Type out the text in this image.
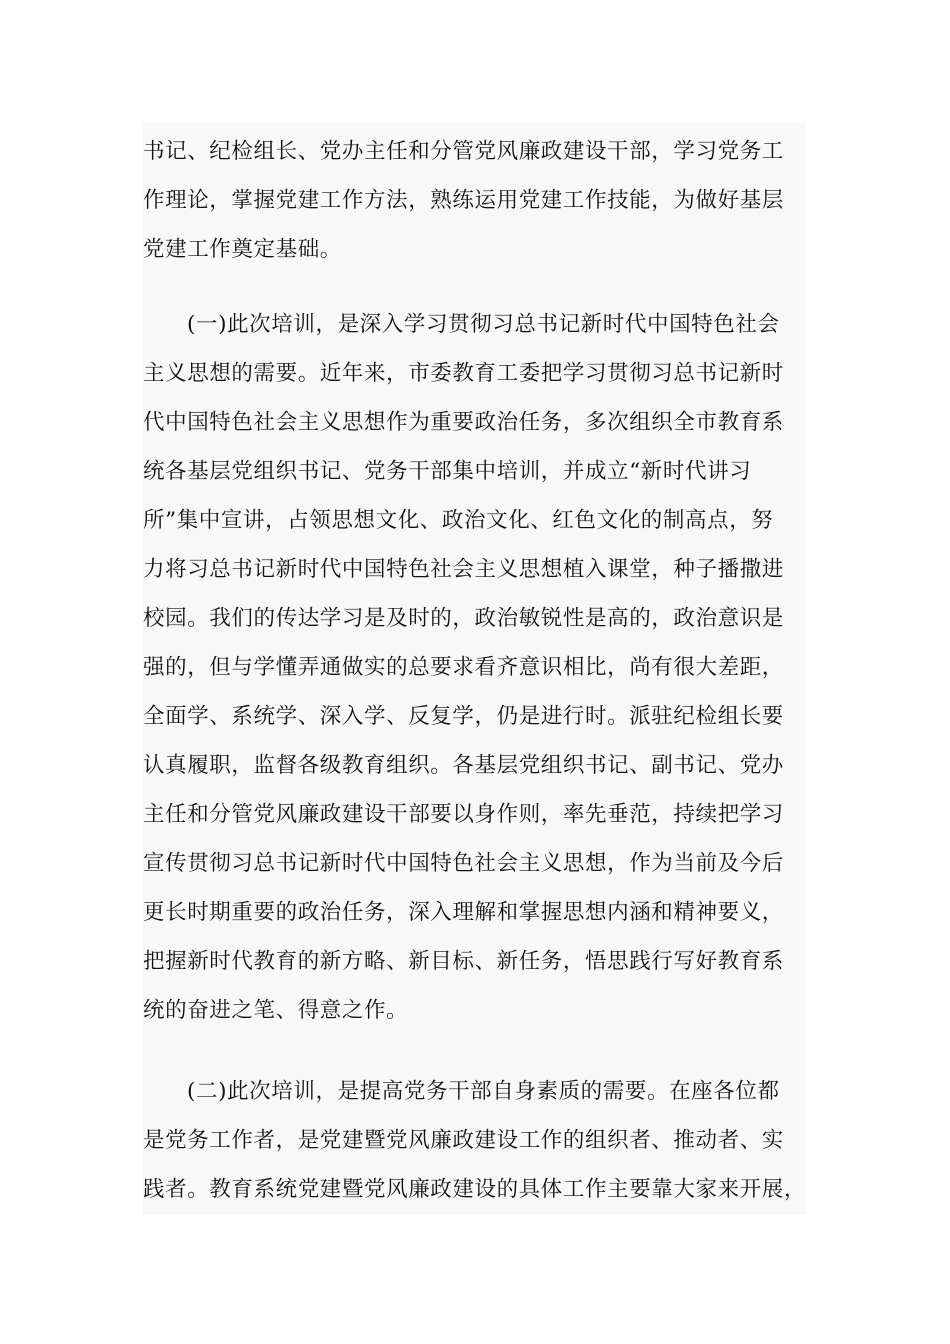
书记、纪检组长、党办主任和分管党风廉政建设干部，学习党务工
作理论，掌握党建工作方法，熟练运用党建工作技能，为做好基层
党建工作奠定基础。
(一)此次培训，是深入学习贯彻习总书记新时代中国特色社会
主义思想的需要。近年来，市委教育工委把学习贯彻习总书记新时
代中国特色社会主义思想作为重要政治任务，多次组织全市教育系
统各基层党组织书记、党务干部集中培训，并成立“新时代讲习
所”集中宣讲，占领思想文化、政治文化、红色文化的制高点，努
力将习总书记新时代中国特色社会主义思想植入课堂，种子播撒进
校园。我们的传达学习是及时的，政治敏锐性是高的，政治意识是
强的，但与学懂弄通做实的总要求看齐意识相比，尚有很大差距，
全面学、系统学、深入学、反复学，仍是进行时。派驻纪检组长要
认真履职，监督各级教育组织。各基层党组织书记、副书记、党办
主任和分管党风廉政建设干部要以身作则，率先垂范，持续把学习
宣传贯彻习总书记新时代中国特色社会主义思想，作为当前及今后
更长时期重要的政治任务，深入理解和掌握思想内涵和精神要义，
把握新时代教育的新方略、新目标、新任务，悟思践行写好教育系
统的奋进之笔、得意之作。
(二)此次培训，是提高党务干部自身素质的需要。在座各位都
是党务工作者，是党建暨党风廉政建设工作的组织者、推动者、实
践者。教育系统党建暨党风廉政建设的具体工作主要靠大家来开展，
